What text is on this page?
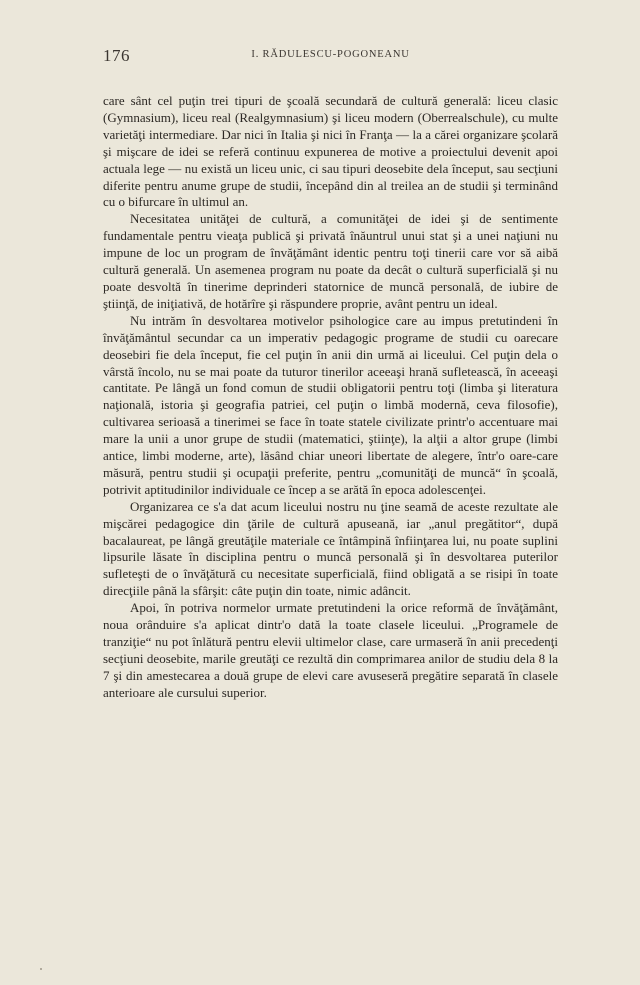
176	I. RĂDULESCU-POGONEANU

care sânt cel puţin trei tipuri de şcoală secundară de cultură generală: liceu clasic (Gymnasium), liceu real (Realgymnasium) şi liceu modern (Oberrealschule), cu multe varietăţi intermediare. Dar nici în Italia şi nici în Franţa — la a cărei organizare şcolară şi mişcare de idei se referă continuu expunerea de motive a proiectului devenit apoi actuala lege — nu există un liceu unic, ci sau tipuri deosebite dela început, sau secţiuni diferite pentru anume grupe de studii, începând din al treilea an de studii şi terminând cu o bifurcare în ultimul an.

Necesitatea unităţei de cultură, a comunităţei de idei şi de sentimente fundamentale pentru vieaţa publică şi privată înăuntrul unui stat şi a unei naţiuni nu impune de loc un program de învăţământ identic pentru toţi tinerii care vor să aibă cultură generală. Un asemenea program nu poate da decât o cultură superficială şi nu poate desvoltă în tinerime deprinderi statornice de muncă personală, de iubire de ştiinţă, de iniţiativă, de hotărîre şi răspundere proprie, avânt pentru un ideal.

Nu intrăm în desvoltarea motivelor psihologice care au impus pretutindeni în învăţământul secundar ca un imperativ pedagogic programe de studii cu oarecare deosebiri fie dela început, fie cel puţin în anii din urmă ai liceului. Cel puţin dela o vârstă încolo, nu se mai poate da tuturor tinerilor aceeaşi hrană sufletească, în aceeaşi cantitate. Pe lângă un fond comun de studii obligatorii pentru toţi (limba şi literatura naţională, istoria şi geografia patriei, cel puţin o limbă modernă, ceva filosofie), cultivarea serioasă a tinerimei se face în toate statele civilizate printr'o accentuare mai mare la unii a unor grupe de studii (matematici, ştiinţe), la alţii a altor grupe (limbi antice, limbi moderne, arte), lăsând chiar uneori libertate de alegere, într'o oare-care măsură, pentru studii şi ocupaţii preferite, pentru „comunităţi de muncă“ în şcoală, potrivit aptitudinilor individuale ce încep a se arătă în epoca adolescenţei.

Organizarea ce s'a dat acum liceului nostru nu ţine seamă de aceste rezultate ale mişcărei pedagogice din ţările de cultură apuseană, iar „anul pregătitor“, după bacalaureat, pe lângă greutăţile materiale ce întâmpină înfiinţarea lui, nu poate suplini lipsurile lăsate în disciplina pentru o muncă personală şi în desvoltarea puterilor sufleteşti de o învăţătură cu necesitate superficială, fiind obligată a se risipi în toate direcţiile până la sfârşit: câte puţin din toate, nimic adâncit.

Apoi, în potriva normelor urmate pretutindeni la orice reformă de învăţământ, noua orânduire s'a aplicat dintr'o dată la toate clasele liceului. „Programele de tranziţie“ nu pot înlătură pentru elevii ultimelor clase, care urmaseră în anii precedenţi secţiuni deosebite, marile greutăţi ce rezultă din comprimarea anilor de studiu dela 8 la 7 şi din amestecarea a două grupe de elevi care avuseseră pregătire separată în clasele anterioare ale cursului superior.
